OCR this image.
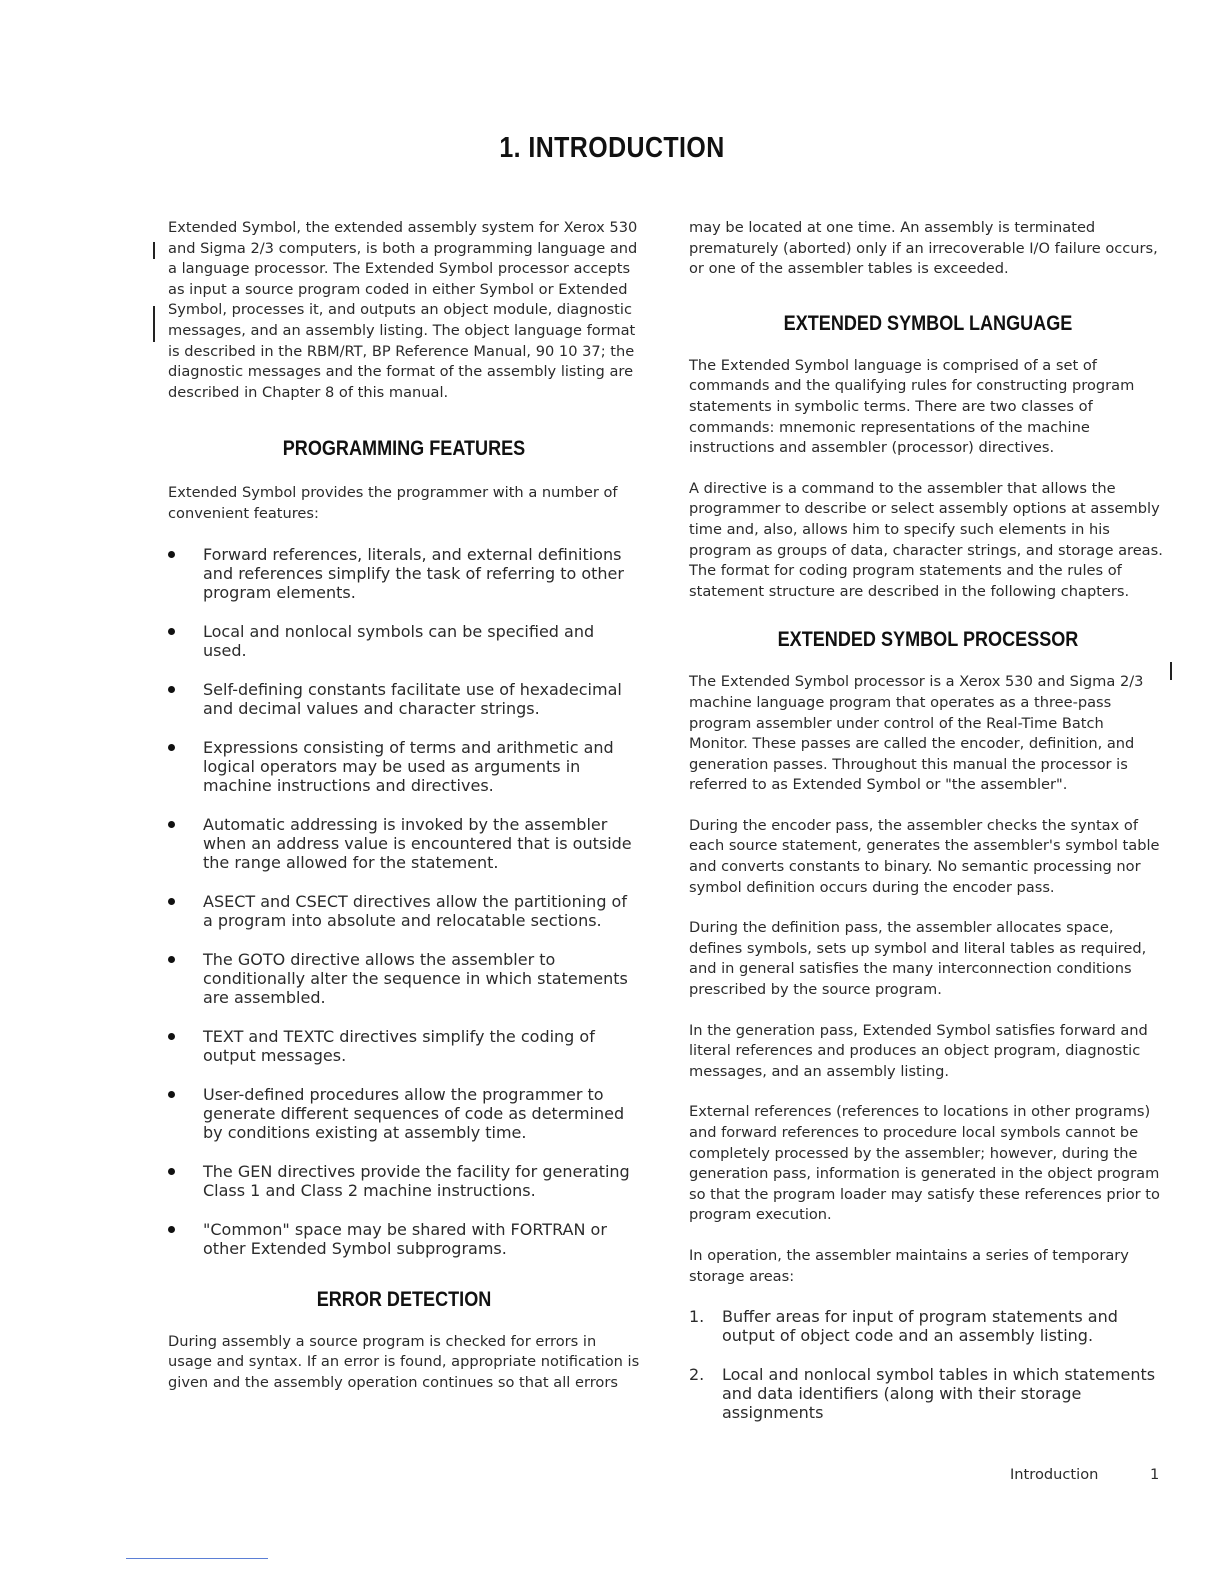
1. INTRODUCTION

Extended Symbol, the extended assembly system for Xerox 530 and Sigma 2/3 computers, is both a programming language and a language processor. The Extended Symbol processor accepts as input a source program coded in either Symbol or Extended Symbol, processes it, and outputs an object module, diagnostic messages, and an assembly listing. The object language format is described in the RBM/RT, BP Reference Manual, 90 10 37; the diagnostic messages and the format of the assembly listing are described in Chapter 8 of this manual.

PROGRAMMING FEATURES

Extended Symbol provides the programmer with a number of convenient features:

Forward references, literals, and external definitions and references simplify the task of referring to other program elements.
Local and nonlocal symbols can be specified and used.
Self-defining constants facilitate use of hexadecimal and decimal values and character strings.
Expressions consisting of terms and arithmetic and logical operators may be used as arguments in machine instructions and directives.
Automatic addressing is invoked by the assembler when an address value is encountered that is outside the range allowed for the statement.
ASECT and CSECT directives allow the partitioning of a program into absolute and relocatable sections.
The GOTO directive allows the assembler to conditionally alter the sequence in which statements are assembled.
TEXT and TEXTC directives simplify the coding of output messages.
User-defined procedures allow the programmer to generate different sequences of code as determined by conditions existing at assembly time.
The GEN directives provide the facility for generating Class 1 and Class 2 machine instructions.
"Common" space may be shared with FORTRAN or other Extended Symbol subprograms.
ERROR DETECTION

During assembly a source program is checked for errors in usage and syntax. If an error is found, appropriate notification is given and the assembly operation continues so that all errors

may be located at one time. An assembly is terminated prematurely (aborted) only if an irrecoverable I/O failure occurs, or one of the assembler tables is exceeded.

EXTENDED SYMBOL LANGUAGE

The Extended Symbol language is comprised of a set of commands and the qualifying rules for constructing program statements in symbolic terms. There are two classes of commands: mnemonic representations of the machine instructions and assembler (processor) directives.

A directive is a command to the assembler that allows the programmer to describe or select assembly options at assembly time and, also, allows him to specify such elements in his program as groups of data, character strings, and storage areas. The format for coding program statements and the rules of statement structure are described in the following chapters.

EXTENDED SYMBOL PROCESSOR

The Extended Symbol processor is a Xerox 530 and Sigma 2/3 machine language program that operates as a three-pass program assembler under control of the Real-Time Batch Monitor. These passes are called the encoder, definition, and generation passes. Throughout this manual the processor is referred to as Extended Symbol or "the assembler".

During the encoder pass, the assembler checks the syntax of each source statement, generates the assembler's symbol table and converts constants to binary. No semantic processing nor symbol definition occurs during the encoder pass.

During the definition pass, the assembler allocates space, defines symbols, sets up symbol and literal tables as required, and in general satisfies the many interconnection conditions prescribed by the source program.

In the generation pass, Extended Symbol satisfies forward and literal references and produces an object program, diagnostic messages, and an assembly listing.

External references (references to locations in other programs) and forward references to procedure local symbols cannot be completely processed by the assembler; however, during the generation pass, information is generated in the object program so that the program loader may satisfy these references prior to program execution.

In operation, the assembler maintains a series of temporary storage areas:

1. Buffer areas for input of program statements and output of object code and an assembly listing.
2. Local and nonlocal symbol tables in which statements and data identifiers (along with their storage assignments
Introduction	1
